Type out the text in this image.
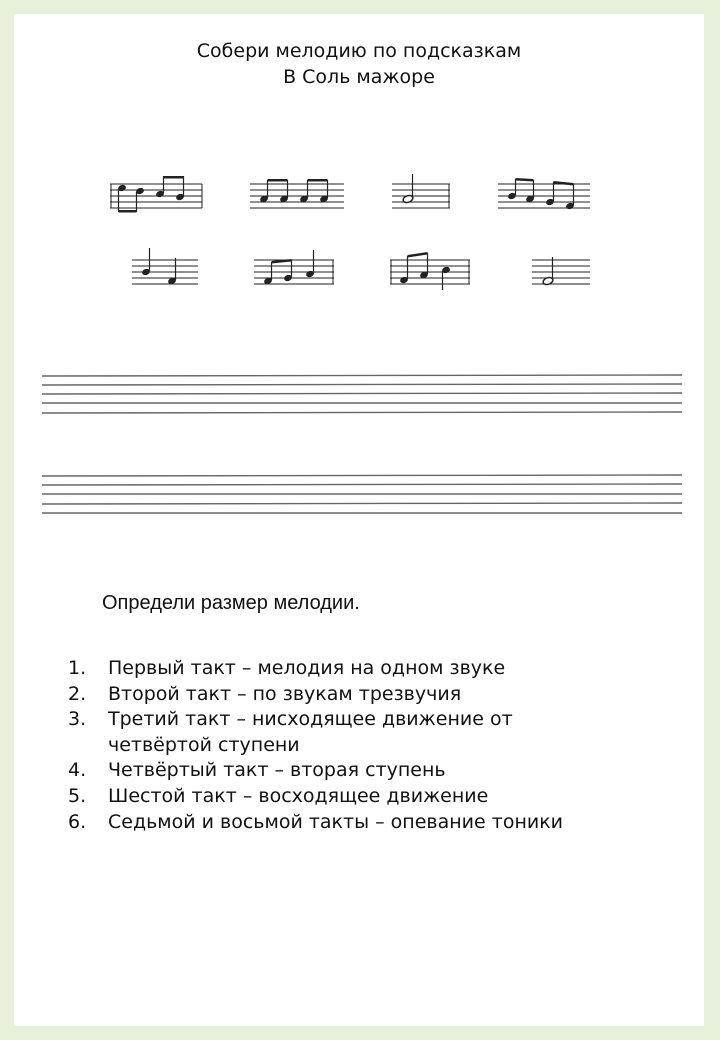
Собери мелодию по подсказкам
В Соль мажоре
Определи размер мелодии.
1.	Первый такт – мелодия на одном звуке
2.	Второй такт – по звукам трезвучия
3.	Третий такт – нисходящее движение от четвёртой ступени
4.	Четвёртый такт – вторая ступень
5.	Шестой такт – восходящее движение
6.	Седьмой и восьмой такты – опевание тоники
